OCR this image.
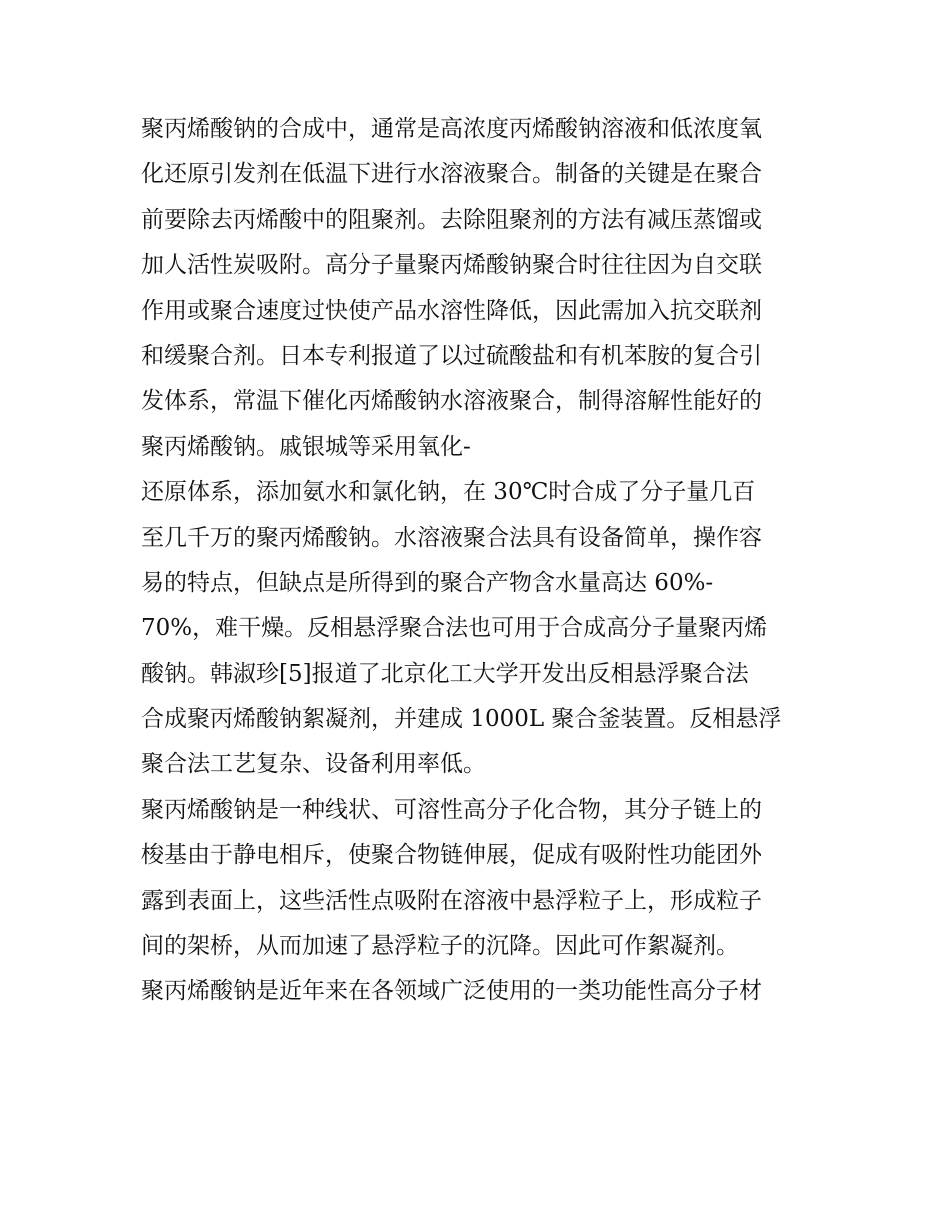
聚丙烯酸钠的合成中，通常是高浓度丙烯酸钠溶液和低浓度氧
化还原引发剂在低温下进行水溶液聚合。制备的关键是在聚合
前要除去丙烯酸中的阻聚剂。去除阻聚剂的方法有减压蒸馏或
加人活性炭吸附。高分子量聚丙烯酸钠聚合时往往因为自交联
作用或聚合速度过快使产品水溶性降低，因此需加入抗交联剂
和缓聚合剂。日本专利报道了以过硫酸盐和有机苯胺的复合引
发体系，常温下催化丙烯酸钠水溶液聚合，制得溶解性能好的
聚丙烯酸钠。戚银城等采用氧化-
还原体系，添加氨水和氯化钠，在 30℃时合成了分子量几百
至几千万的聚丙烯酸钠。水溶液聚合法具有设备简单，操作容
易的特点，但缺点是所得到的聚合产物含水量高达 60%-
70%，难干燥。反相悬浮聚合法也可用于合成高分子量聚丙烯
酸钠。韩淑珍[5]报道了北京化工大学开发出反相悬浮聚合法
合成聚丙烯酸钠絮凝剂，并建成 1000L 聚合釜装置。反相悬浮
聚合法工艺复杂、设备利用率低。
聚丙烯酸钠是一种线状、可溶性高分子化合物，其分子链上的
梭基由于静电相斥，使聚合物链伸展，促成有吸附性功能团外
露到表面上，这些活性点吸附在溶液中悬浮粒子上，形成粒子
间的架桥，从而加速了悬浮粒子的沉降。因此可作絮凝剂。
聚丙烯酸钠是近年来在各领域广泛使用的一类功能性高分子材
